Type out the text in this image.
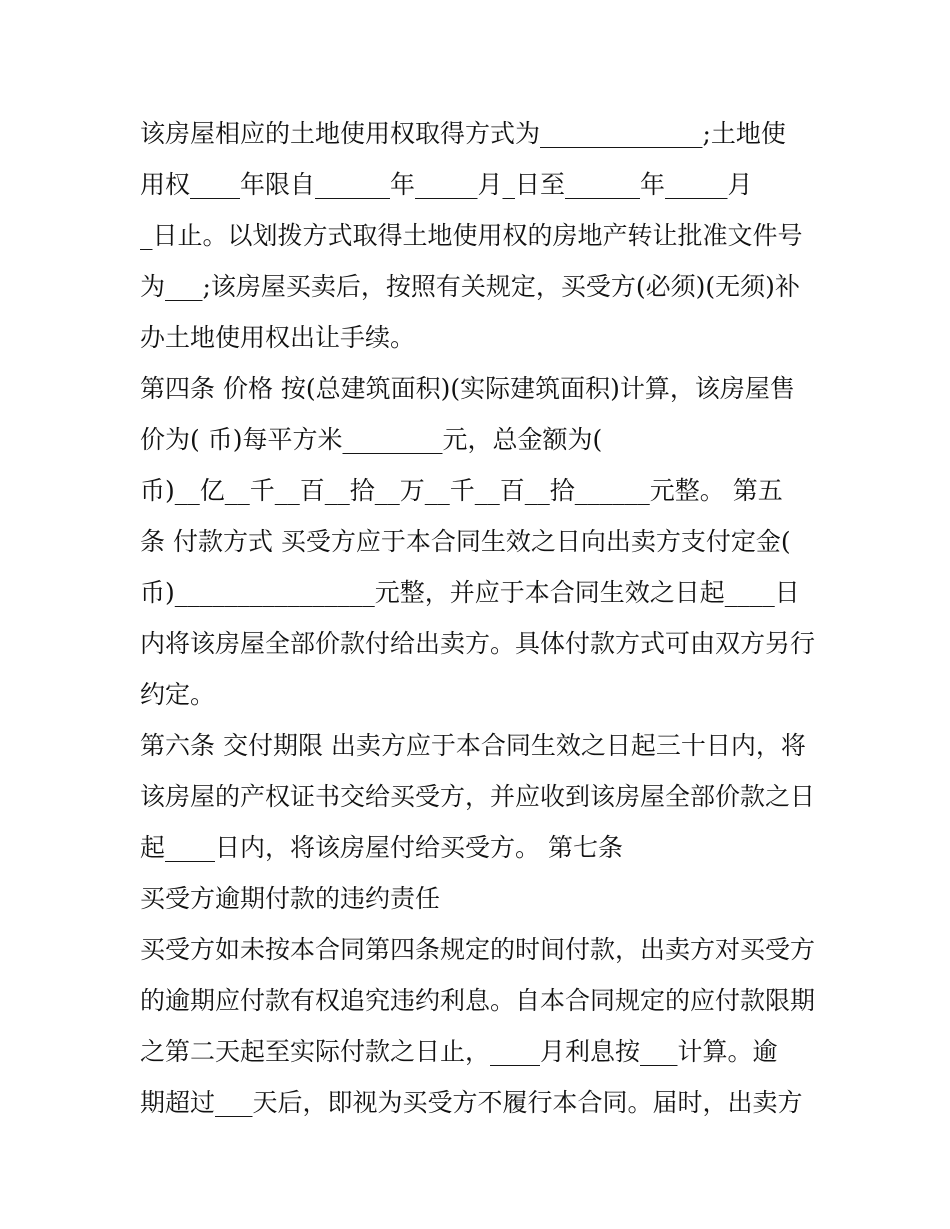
该房屋相应的土地使用权取得方式为_____________;土地使
用权____年限自______年_____月_日至______年_____月
_日止。以划拨方式取得土地使用权的房地产转让批准文件号
为___;该房屋买卖后，按照有关规定，买受方(必须)(无须)补
办土地使用权出让手续。
第四条 价格 按(总建筑面积)(实际建筑面积)计算，该房屋售
价为( 币)每平方米________元，总金额为(
币)__亿__千__百__拾__万__千__百__拾______元整。 第五
条 付款方式 买受方应于本合同生效之日向出卖方支付定金(
币)________________元整，并应于本合同生效之日起____日
内将该房屋全部价款付给出卖方。具体付款方式可由双方另行
约定。
第六条 交付期限 出卖方应于本合同生效之日起三十日内，将
该房屋的产权证书交给买受方，并应收到该房屋全部价款之日
起____日内，将该房屋付给买受方。 第七条
买受方逾期付款的违约责任
买受方如未按本合同第四条规定的时间付款，出卖方对买受方
的逾期应付款有权追究违约利息。自本合同规定的应付款限期
之第二天起至实际付款之日止，____月利息按___计算。逾
期超过___天后，即视为买受方不履行本合同。届时，出卖方
